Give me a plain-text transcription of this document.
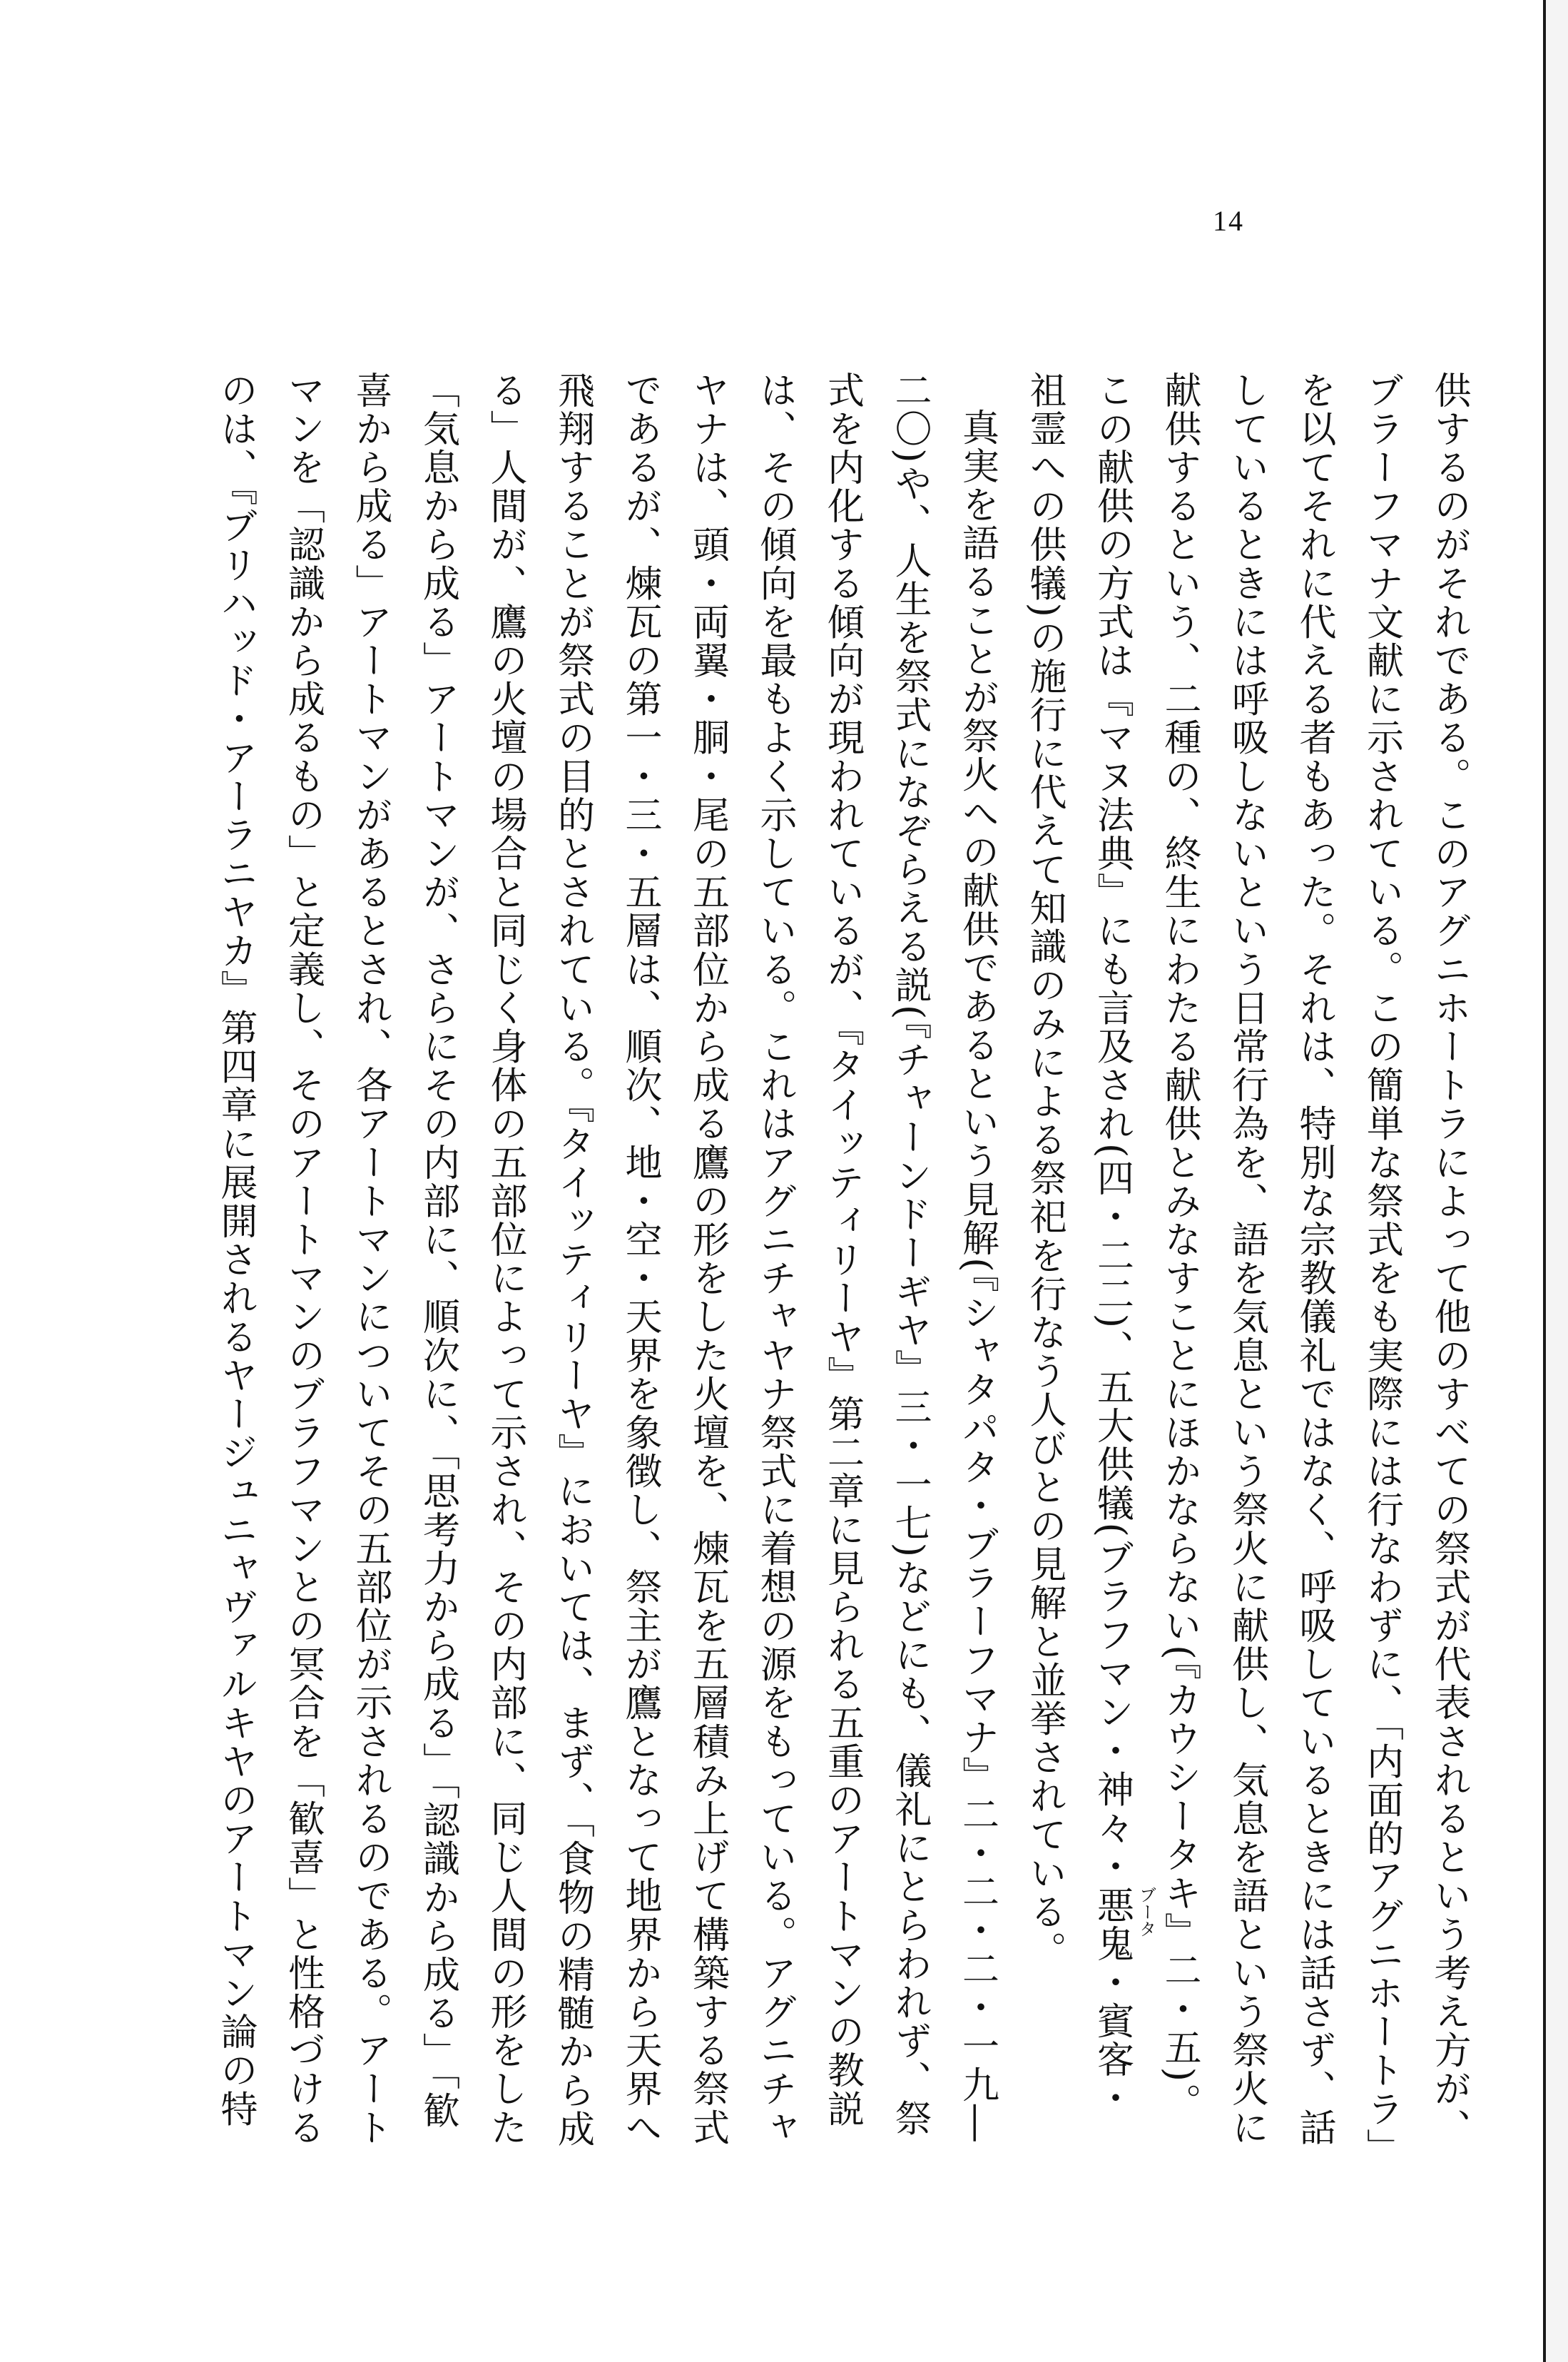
14
供するのがそれである。このアグニホートラによって他のすべての祭式が代表されるという考え方が、
ブラーフマナ文献に示されている。この簡単な祭式をも実際には行なわずに、「内面的アグニホートラ」
を以てそれに代える者もあった。それは、特別な宗教儀礼ではなく、呼吸しているときには話さず、話
しているときには呼吸しないという日常行為を、語を気息という祭火に献供し、気息を語という祭火に
献供するという、二種の、終生にわたる献供とみなすことにほかならない(『カウシータキ』二・五)。
この献供の方式は『マヌ法典』にも言及され(四・二二)、五大供犠(ブラフマン・神々・悪鬼 ブータ
・賓客・
祖霊への供犠)の施行に代えて知識のみによる祭祀を行なう人びとの見解と並挙されている。
真実を語ることが祭火への献供であるという見解(『シャタパタ・ブラーフマナ』二・二・二・一九―
二〇)や、人生を祭式になぞらえる説(『チャーンドーギヤ』三・一七)などにも、儀礼にとらわれず、祭
式を内化する傾向が現われているが、『タイッティリーヤ』第二章に見られる五重のアートマンの教説
は、その傾向を最もよく示している。これはアグニチャヤナ祭式に着想の源をもっている。アグニチャ
ヤナは、頭・両翼・胴・尾の五部位から成る鷹の形をした火壇を、煉瓦を五層積み上げて構築する祭式
であるが、煉瓦の第一・三・五層は、順次、地・空・天界を象徴し、祭主が鷹となって地界から天界へ
飛翔することが祭式の目的とされている。『タイッティリーヤ』においては、まず、「食物の精髄から成
る」人間が、鷹の火壇の場合と同じく身体の五部位によって示され、その内部に、同じ人間の形をした
「気息から成る」アートマンが、さらにその内部に、順次に、「思考力から成る」「認識から成る」「歓
喜から成る」アートマンがあるとされ、各アートマンについてその五部位が示されるのである。アート
マンを「認識から成るもの」と定義し、そのアートマンのブラフマンとの冥合を「歓喜」と性格づける
のは、『ブリハッド・アーラニヤカ』第四章に展開されるヤージュニャヴァルキヤのアートマン論の特
